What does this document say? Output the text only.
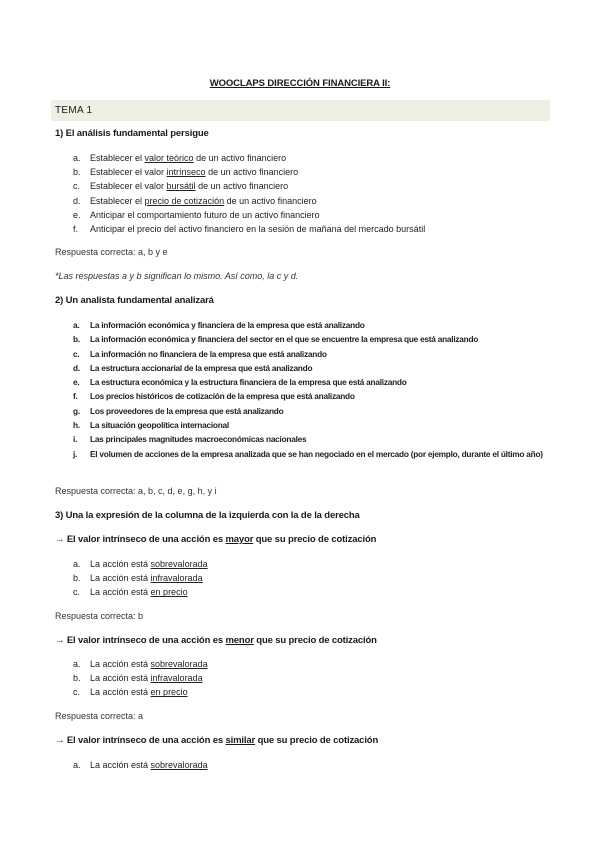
WOOCLAPS DIRECCIÓN FINANCIERA II:
TEMA 1
1) El análisis fundamental persigue
a. Establecer el valor teórico de un activo financiero
b. Establecer el valor intrínseco de un activo financiero
c. Establecer el valor bursátil de un activo financiero
d. Establecer el precio de cotización de un activo financiero
e. Anticipar el comportamiento futuro de un activo financiero
f. Anticipar el precio del activo financiero en la sesión de mañana del mercado bursátil
Respuesta correcta: a, b y e
*Las respuestas a y b significan lo mismo. Así como, la c y d.
2) Un analista fundamental analizará
a. La información económica y financiera de la empresa que está analizando
b. La información económica y financiera del sector en el que se encuentre la empresa que está analizando
c. La información no financiera de la empresa que está analizando
d. La estructura accionarial de la empresa que está analizando
e. La estructura económica y la estructura financiera de la empresa que está analizando
f. Los precios históricos de cotización de la empresa que está analizando
g. Los proveedores de la empresa que está analizando
h. La situación geopolítica internacional
i. Las principales magnitudes macroeconómicas nacionales
j. El volumen de acciones de la empresa analizada que se han negociado en el mercado (por ejemplo, durante el último año)
Respuesta correcta: a, b, c, d, e, g, h, y i
3) Una la expresión de la columna de la izquierda con la de la derecha
→ El valor intrínseco de una acción es mayor que su precio de cotización
a. La acción está sobrevalorada
b. La acción está infravalorada
c. La acción está en precio
Respuesta correcta: b
→ El valor intrínseco de una acción es menor que su precio de cotización
a. La acción está sobrevalorada
b. La acción está infravalorada
c. La acción está en precio
Respuesta correcta: a
→ El valor intrínseco de una acción es similar que su precio de cotización
a. La acción está sobrevalorada
